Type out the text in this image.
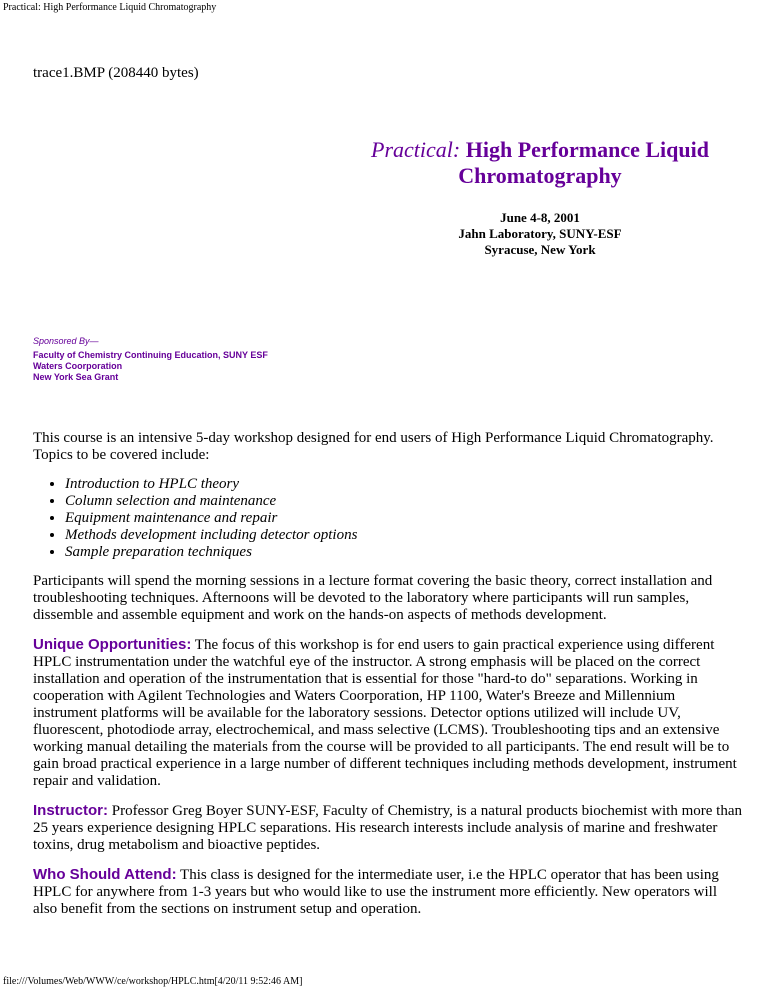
Practical: High Performance Liquid Chromatography
trace1.BMP (208440 bytes)
Practical: High Performance Liquid Chromatography
June 4-8, 2001
Jahn Laboratory, SUNY-ESF
Syracuse, New York
Sponsored By—
Faculty of Chemistry Continuing Education, SUNY ESF
Waters Coorporation
New York Sea Grant

This course is an intensive 5-day workshop designed for end users of High Performance Liquid Chromatography. Topics to be covered include:

• Introduction to HPLC theory
• Column selection and maintenance
• Equipment maintenance and repair
• Methods development including detector options
• Sample preparation techniques

Participants will spend the morning sessions in a lecture format covering the basic theory, correct installation and troubleshooting techniques. Afternoons will be devoted to the laboratory where participants will run samples, dissemble and assemble equipment and work on the hands-on aspects of methods development.

Unique Opportunities: The focus of this workshop is for end users to gain practical experience using different HPLC instrumentation under the watchful eye of the instructor. A strong emphasis will be placed on the correct installation and operation of the instrumentation that is essential for those "hard-to do" separations. Working in cooperation with Agilent Technologies and Waters Coorporation, HP 1100, Water's Breeze and Millennium instrument platforms will be available for the laboratory sessions. Detector options utilized will include UV, fluorescent, photodiode array, electrochemical, and mass selective (LCMS). Troubleshooting tips and an extensive working manual detailing the materials from the course will be provided to all participants. The end result will be to gain broad practical experience in a large number of different techniques including methods development, instrument repair and validation.

Instructor: Professor Greg Boyer SUNY-ESF, Faculty of Chemistry, is a natural products biochemist with more than 25 years experience designing HPLC separations. His research interests include analysis of marine and freshwater toxins, drug metabolism and bioactive peptides.

Who Should Attend: This class is designed for the intermediate user, i.e the HPLC operator that has been using HPLC for anywhere from 1-3 years but who would like to use the instrument more efficiently. New operators will also benefit from the sections on instrument setup and operation.

file:///Volumes/Web/WWW/ce/workshop/HPLC.htm[4/20/11 9:52:46 AM]
